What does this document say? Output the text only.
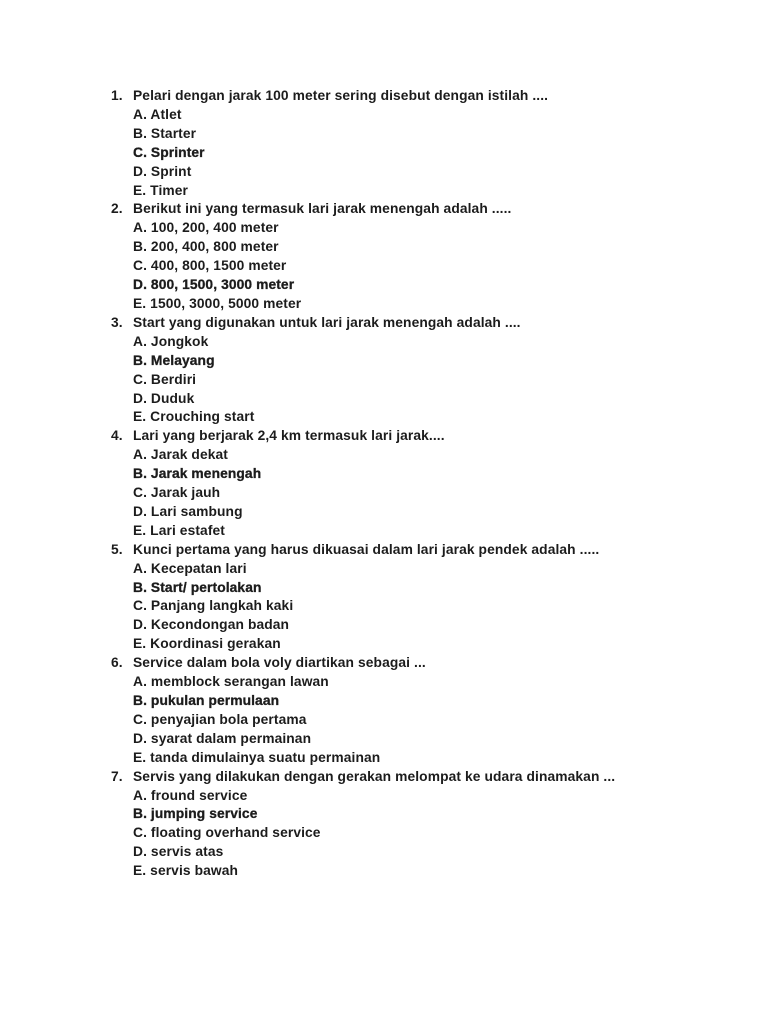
1. Pelari dengan jarak 100 meter sering disebut dengan istilah ....
A. Atlet
B. Starter
C. Sprinter
D. Sprint
E. Timer
2. Berikut ini yang termasuk lari jarak menengah adalah .....
A. 100, 200, 400 meter
B. 200, 400, 800 meter
C. 400, 800, 1500 meter
D. 800, 1500, 3000 meter
E. 1500, 3000, 5000 meter
3. Start yang digunakan untuk lari jarak menengah adalah ....
A. Jongkok
B. Melayang
C. Berdiri
D. Duduk
E. Crouching start
4. Lari yang berjarak 2,4 km termasuk lari jarak....
A. Jarak dekat
B. Jarak menengah
C. Jarak jauh
D. Lari sambung
E. Lari estafet
5. Kunci pertama yang harus dikuasai dalam lari jarak pendek adalah .....
A. Kecepatan lari
B. Start/ pertolakan
C. Panjang langkah kaki
D. Kecondongan badan
E. Koordinasi gerakan
6. Service dalam bola voly diartikan sebagai ...
A. memblock serangan lawan
B. pukulan permulaan
C. penyajian bola pertama
D. syarat dalam permainan
E. tanda dimulainya suatu permainan
7. Servis yang dilakukan dengan gerakan melompat ke udara dinamakan ...
A. fround service
B. jumping service
C. floating overhand service
D. servis atas
E. servis bawah
